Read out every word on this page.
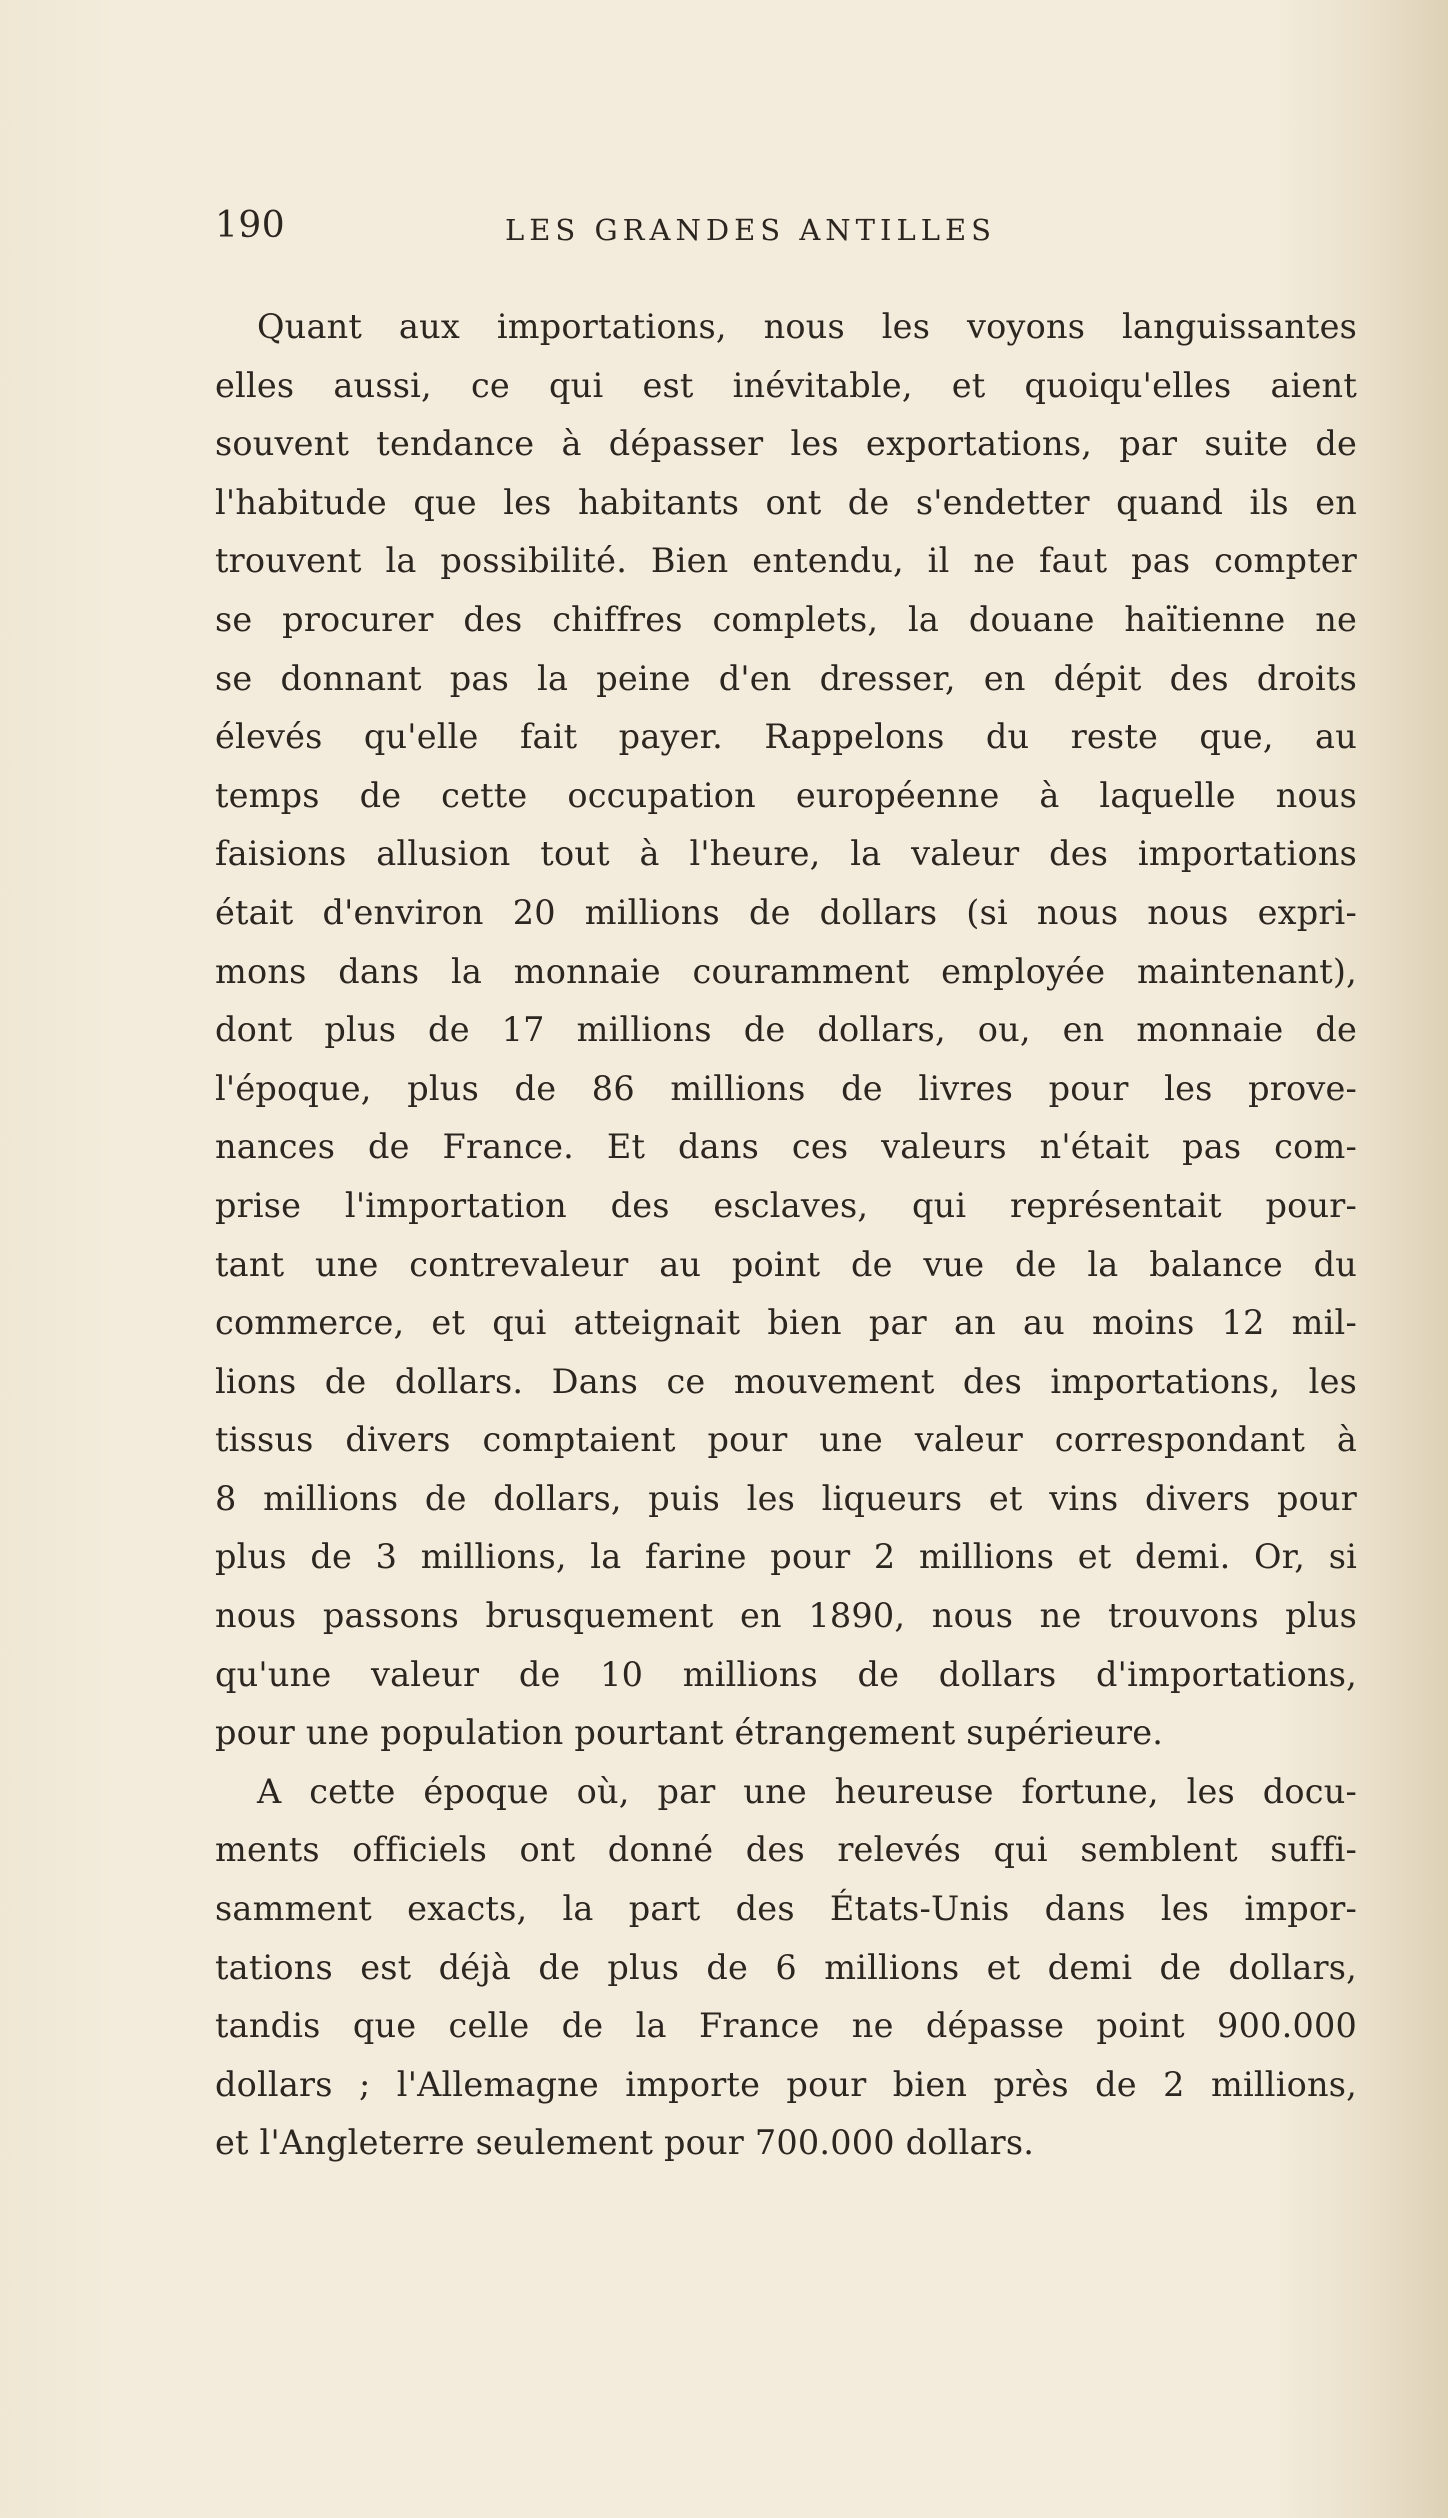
190	LES GRANDES ANTILLES
Quant aux importations, nous les voyons languissantes
elles aussi, ce qui est inévitable, et quoiqu'elles aient
souvent tendance à dépasser les exportations, par suite de
l'habitude que les habitants ont de s'endetter quand ils en
trouvent la possibilité. Bien entendu, il ne faut pas compter
se procurer des chiffres complets, la douane haïtienne ne
se donnant pas la peine d'en dresser, en dépit des droits
élevés qu'elle fait payer. Rappelons du reste que, au
temps de cette occupation européenne à laquelle nous
faisions allusion tout à l'heure, la valeur des importations
était d'environ 20 millions de dollars (si nous nous expri-
mons dans la monnaie couramment employée maintenant),
dont plus de 17 millions de dollars, ou, en monnaie de
l'époque, plus de 86 millions de livres pour les prove-
nances de France. Et dans ces valeurs n'était pas com-
prise l'importation des esclaves, qui représentait pour-
tant une contrevaleur au point de vue de la balance du
commerce, et qui atteignait bien par an au moins 12 mil-
lions de dollars. Dans ce mouvement des importations, les
tissus divers comptaient pour une valeur correspondant à
8 millions de dollars, puis les liqueurs et vins divers pour
plus de 3 millions, la farine pour 2 millions et demi. Or, si
nous passons brusquement en 1890, nous ne trouvons plus
qu'une valeur de 10 millions de dollars d'importations,
pour une population pourtant étrangement supérieure.
A cette époque où, par une heureuse fortune, les docu-
ments officiels ont donné des relevés qui semblent suffi-
samment exacts, la part des États-Unis dans les impor-
tations est déjà de plus de 6 millions et demi de dollars,
tandis que celle de la France ne dépasse point 900.000
dollars ; l'Allemagne importe pour bien près de 2 millions,
et l'Angleterre seulement pour 700.000 dollars.
